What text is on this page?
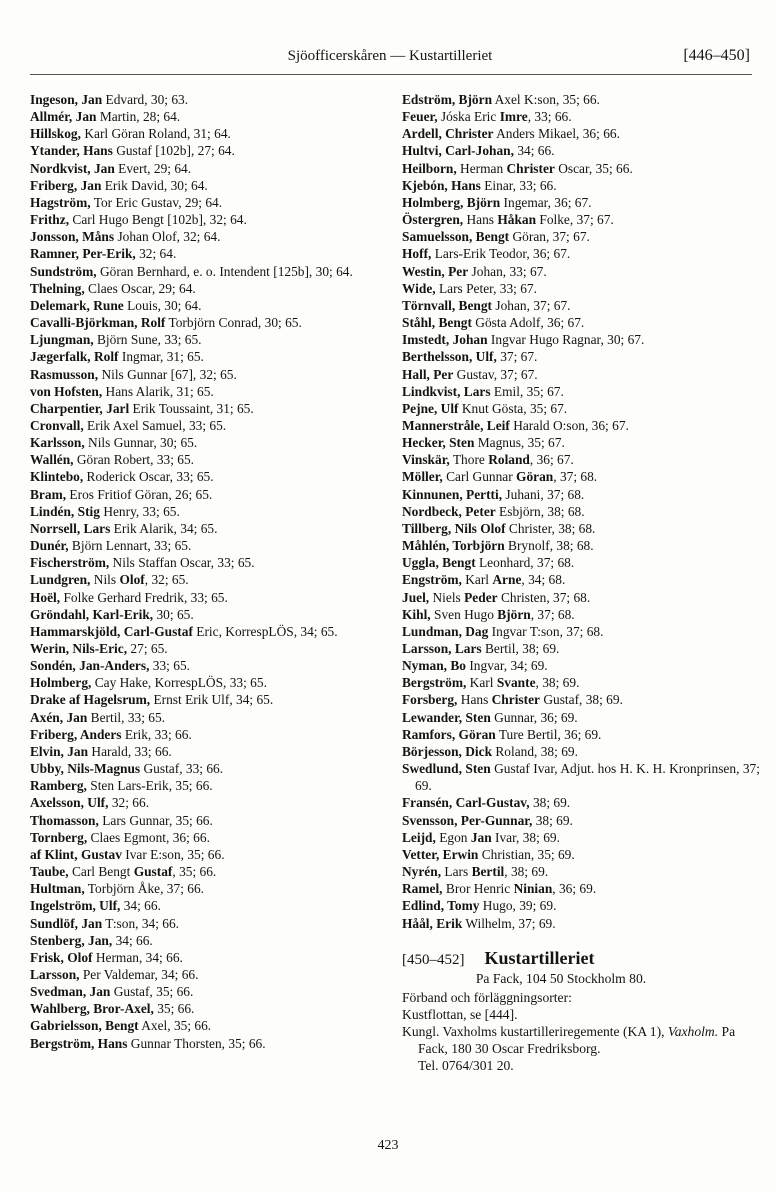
Sjöofficerskåren — Kustartilleriet	[446–450]
Ingeson, Jan Edvard, 30; 63.
Allmér, Jan Martin, 28; 64.
Hillskog, Karl Göran Roland, 31; 64.
Ytander, Hans Gustaf [102b], 27; 64.
Nordkvist, Jan Evert, 29; 64.
Friberg, Jan Erik David, 30; 64.
Hagström, Tor Eric Gustav, 29; 64.
Frithz, Carl Hugo Bengt [102b], 32; 64.
Jonsson, Måns Johan Olof, 32; 64.
Ramner, Per-Erik, 32; 64.
Sundström, Göran Bernhard, e. o. Intendent [125b], 30; 64.
Thelning, Claes Oscar, 29; 64.
Delemark, Rune Louis, 30; 64.
Cavalli-Björkman, Rolf Torbjörn Conrad, 30; 65.
Ljungman, Björn Sune, 33; 65.
Jægerfalk, Rolf Ingmar, 31; 65.
Rasmusson, Nils Gunnar [67], 32; 65.
von Hofsten, Hans Alarik, 31; 65.
Charpentier, Jarl Erik Toussaint, 31; 65.
Cronvall, Erik Axel Samuel, 33; 65.
Karlsson, Nils Gunnar, 30; 65.
Wallén, Göran Robert, 33; 65.
Klintebo, Roderick Oscar, 33; 65.
Bram, Eros Fritiof Göran, 26; 65.
Lindén, Stig Henry, 33; 65.
Norrsell, Lars Erik Alarik, 34; 65.
Dunér, Björn Lennart, 33; 65.
Fischerström, Nils Staffan Oscar, 33; 65.
Lundgren, Nils Olof, 32; 65.
Hoël, Folke Gerhard Fredrik, 33; 65.
Gröndahl, Karl-Erik, 30; 65.
Hammarskjöld, Carl-Gustaf Eric, KorrespLÖS, 34; 65.
Werin, Nils-Eric, 27; 65.
Sondén, Jan-Anders, 33; 65.
Holmberg, Cay Hake, KorrespLÖS, 33; 65.
Drake af Hagelsrum, Ernst Erik Ulf, 34; 65.
Axén, Jan Bertil, 33; 65.
Friberg, Anders Erik, 33; 66.
Elvin, Jan Harald, 33; 66.
Ubby, Nils-Magnus Gustaf, 33; 66.
Ramberg, Sten Lars-Erik, 35; 66.
Axelsson, Ulf, 32; 66.
Thomasson, Lars Gunnar, 35; 66.
Tornberg, Claes Egmont, 36; 66.
af Klint, Gustav Ivar E:son, 35; 66.
Taube, Carl Bengt Gustaf, 35; 66.
Hultman, Torbjörn Åke, 37; 66.
Ingelström, Ulf, 34; 66.
Sundlöf, Jan T:son, 34; 66.
Stenberg, Jan, 34; 66.
Frisk, Olof Herman, 34; 66.
Larsson, Per Valdemar, 34; 66.
Svedman, Jan Gustaf, 35; 66.
Wahlberg, Bror-Axel, 35; 66.
Gabrielsson, Bengt Axel, 35; 66.
Bergström, Hans Gunnar Thorsten, 35; 66.
Edström, Björn Axel K:son, 35; 66.
Feuer, Jóska Eric Imre, 33; 66.
Ardell, Christer Anders Mikael, 36; 66.
Hultvi, Carl-Johan, 34; 66.
Heilborn, Herman Christer Oscar, 35; 66.
Kjebón, Hans Einar, 33; 66.
Holmberg, Björn Ingemar, 36; 67.
Östergren, Hans Håkan Folke, 37; 67.
Samuelsson, Bengt Göran, 37; 67.
Hoff, Lars-Erik Teodor, 36; 67.
Westin, Per Johan, 33; 67.
Wide, Lars Peter, 33; 67.
Törnvall, Bengt Johan, 37; 67.
Ståhl, Bengt Gösta Adolf, 36; 67.
Imstedt, Johan Ingvar Hugo Ragnar, 30; 67.
Berthelsson, Ulf, 37; 67.
Hall, Per Gustav, 37; 67.
Lindkvist, Lars Emil, 35; 67.
Pejne, Ulf Knut Gösta, 35; 67.
Mannerstråle, Leif Harald O:son, 36; 67.
Hecker, Sten Magnus, 35; 67.
Vinskär, Thore Roland, 36; 67.
Möller, Carl Gunnar Göran, 37; 68.
Kinnunen, Pertti, Juhani, 37; 68.
Nordbeck, Peter Esbjörn, 38; 68.
Tillberg, Nils Olof Christer, 38; 68.
Måhlén, Torbjörn Brynolf, 38; 68.
Uggla, Bengt Leonhard, 37; 68.
Engström, Karl Arne, 34; 68.
Juel, Niels Peder Christen, 37; 68.
Kihl, Sven Hugo Björn, 37; 68.
Lundman, Dag Ingvar T:son, 37; 68.
Larsson, Lars Bertil, 38; 69.
Nyman, Bo Ingvar, 34; 69.
Bergström, Karl Svante, 38; 69.
Forsberg, Hans Christer Gustaf, 38; 69.
Lewander, Sten Gunnar, 36; 69.
Ramfors, Göran Ture Bertil, 36; 69.
Börjesson, Dick Roland, 38; 69.
Swedlund, Sten Gustaf Ivar, Adjut. hos H. K. H. Kronprinsen, 37; 69.
Fransén, Carl-Gustav, 38; 69.
Svensson, Per-Gunnar, 38; 69.
Leijd, Egon Jan Ivar, 38; 69.
Vetter, Erwin Christian, 35; 69.
Nyrén, Lars Bertil, 38; 69.
Ramel, Bror Henric Ninian, 36; 69.
Edlind, Tomy Hugo, 39; 69.
Håål, Erik Wilhelm, 37; 69.
[450–452] Kustartilleriet
Pa Fack, 104 50 Stockholm 80.
Förband och förläggningsorter:
Kustflottan, se [444].
Kungl. Vaxholms kustartilleriregemente (KA 1), Vaxholm. Pa Fack, 180 30 Oscar Fredriksborg.
Tel. 0764/301 20.
423
